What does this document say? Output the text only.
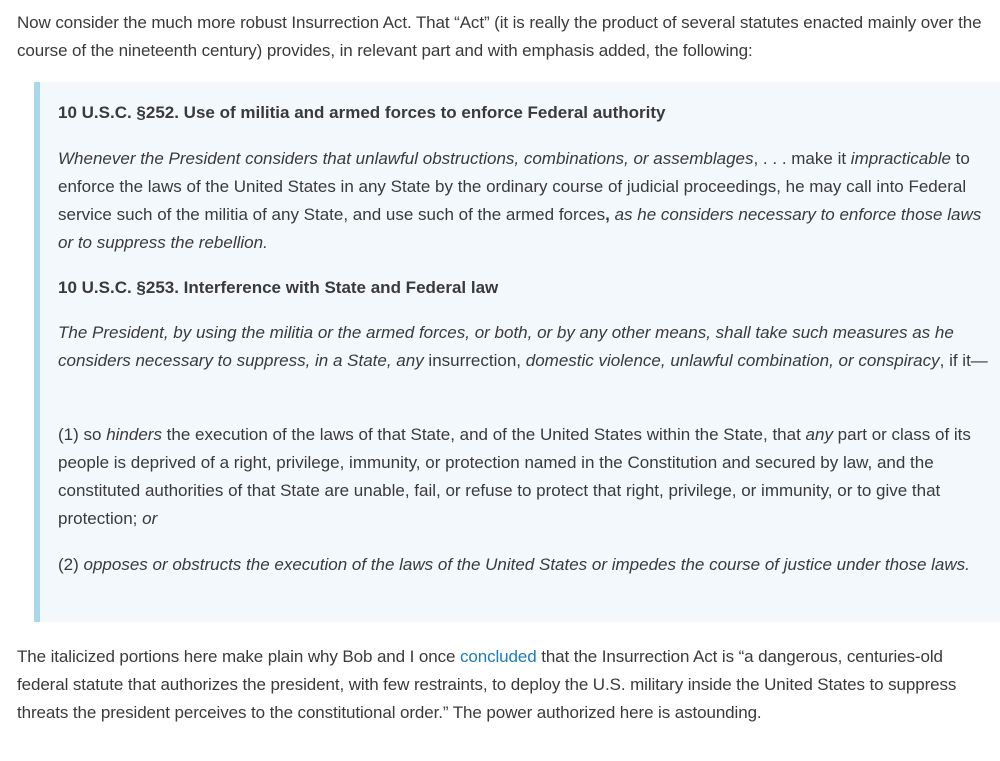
Now consider the much more robust Insurrection Act. That “Act” (it is really the product of several statutes enacted mainly over the course of the nineteenth century) provides, in relevant part and with emphasis added, the following:

10 U.S.C. §252. Use of militia and armed forces to enforce Federal authority

Whenever the President considers that unlawful obstructions, combinations, or assemblages, . . . make it impracticable to enforce the laws of the United States in any State by the ordinary course of judicial proceedings, he may call into Federal service such of the militia of any State, and use such of the armed forces, as he considers necessary to enforce those laws or to suppress the rebellion.

10 U.S.C. §253. Interference with State and Federal law

The President, by using the militia or the armed forces, or both, or by any other means, shall take such measures as he considers necessary to suppress, in a State, any insurrection, domestic violence, unlawful combination, or conspiracy, if it—

(1) so hinders the execution of the laws of that State, and of the United States within the State, that any part or class of its people is deprived of a right, privilege, immunity, or protection named in the Constitution and secured by law, and the constituted authorities of that State are unable, fail, or refuse to protect that right, privilege, or immunity, or to give that protection; or

(2) opposes or obstructs the execution of the laws of the United States or impedes the course of justice under those laws.

The italicized portions here make plain why Bob and I once concluded that the Insurrection Act is “a dangerous, centuries-old federal statute that authorizes the president, with few restraints, to deploy the U.S. military inside the United States to suppress threats the president perceives to the constitutional order.” The power authorized here is astounding.
